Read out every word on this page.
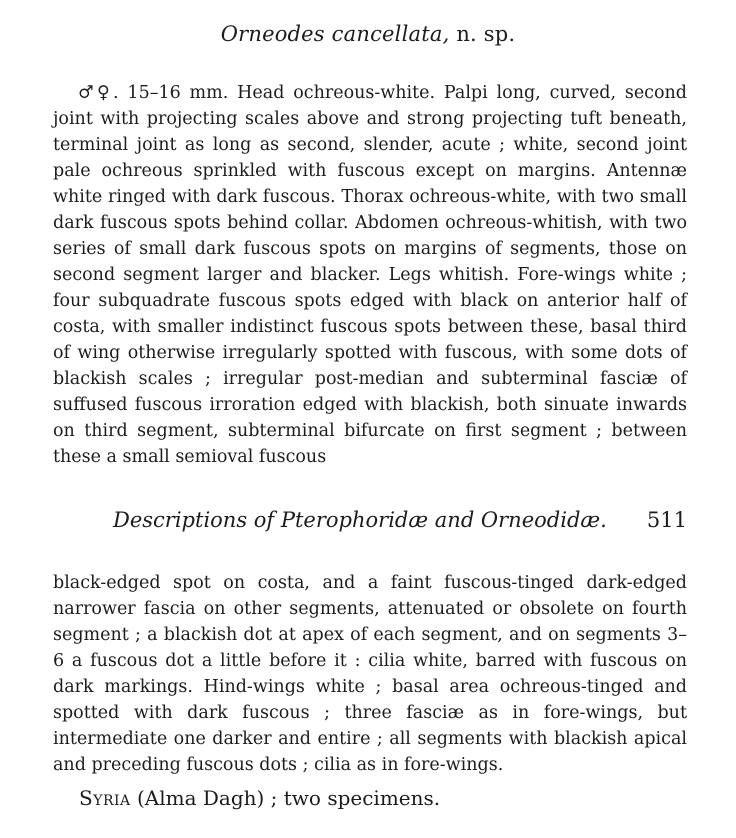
Orneodes cancellata, n. sp.

♂♀. 15–16 mm. Head ochreous-white. Palpi long, curved, second joint with projecting scales above and strong projecting tuft beneath, terminal joint as long as second, slender, acute ; white, second joint pale ochreous sprinkled with fuscous except on margins. Antennæ white ringed with dark fuscous. Thorax ochreous-white, with two small dark fuscous spots behind collar. Abdomen ochreous-whitish, with two series of small dark fuscous spots on margins of segments, those on second segment larger and blacker. Legs whitish. Fore-wings white ; four subquadrate fuscous spots edged with black on anterior half of costa, with smaller indistinct fuscous spots between these, basal third of wing otherwise irregularly spotted with fuscous, with some dots of blackish scales ; irregular post-median and subterminal fasciæ of suffused fuscous irroration edged with blackish, both sinuate inwards on third segment, subterminal bifurcate on first segment ; between these a small semioval fuscous

Descriptions of Pterophoridæ and Orneodidæ. 511

black-edged spot on costa, and a faint fuscous-tinged dark-edged narrower fascia on other segments, attenuated or obsolete on fourth segment ; a blackish dot at apex of each segment, and on segments 3–6 a fuscous dot a little before it : cilia white, barred with fuscous on dark markings. Hind-wings white ; basal area ochreous-tinged and spotted with dark fuscous ; three fasciæ as in fore-wings, but intermediate one darker and entire ; all segments with blackish apical and preceding fuscous dots ; cilia as in fore-wings.

Syria (Alma Dagh) ; two specimens.
